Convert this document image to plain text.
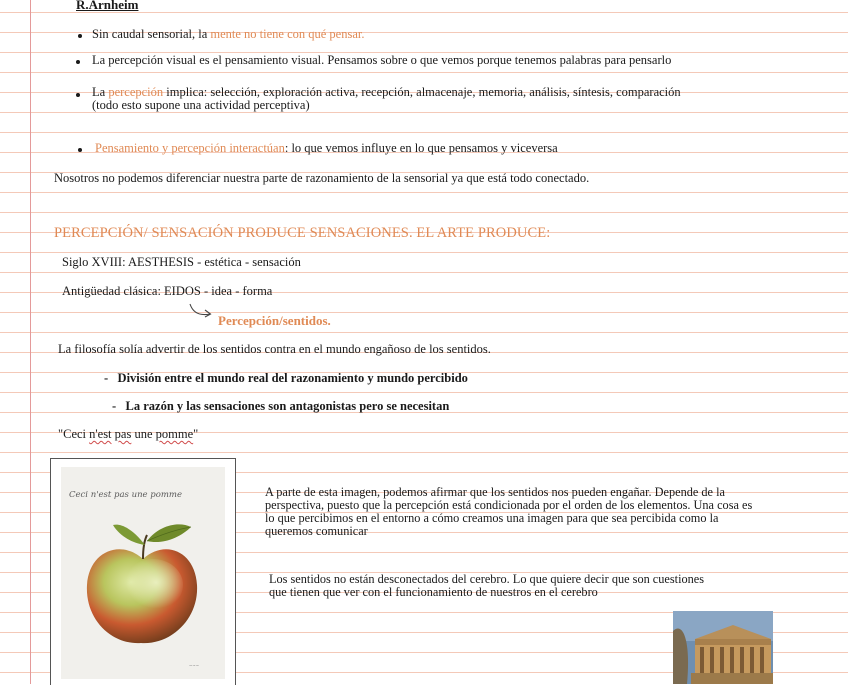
R.Arnheim
Sin caudal sensorial, la mente no tiene con qué pensar.
La percepción visual es el pensamiento visual. Pensamos sobre o que vemos porque tenemos palabras para pensarlo
La percepción implica: selección, exploración activa, recepción, almacenaje, memoria, análisis, síntesis, comparación
(todo esto supone una actividad perceptiva)
Pensamiento y percepción interactúan: lo que vemos influye en lo que pensamos y viceversa
Nosotros no podemos diferenciar nuestra parte de razonamiento de la sensorial ya que está todo conectado.
PERCEPCIÓN/ SENSACIÓN PRODUCE SENSACIONES. EL ARTE PRODUCE:
Siglo XVIII: AESTHESIS - estética - sensación
Antigüedad clásica: EIDOS - idea - forma
Percepción/sentidos.
La filosofía solía advertir de los sentidos contra en el mundo engañoso de los sentidos.
-   División entre el mundo real del razonamiento y mundo percibido
-   La razón y las sensaciones son antagonistas pero se necesitan
"Ceci n'est pas une pomme"
Ceci n'est pas une pomme
~~~
A parte de esta imagen, podemos afirmar que los sentidos nos pueden engañar. Depende de la
perspectiva, puesto que la percepción está condicionada por el orden de los elementos. Una cosa es
lo que percibimos en el entorno a cómo creamos una imagen para que sea percibida como la
queremos comunicar
Los sentidos no están desconectados del cerebro. Lo que quiere decir que son cuestiones
que tienen que ver con el funcionamiento de nuestros en el cerebro
